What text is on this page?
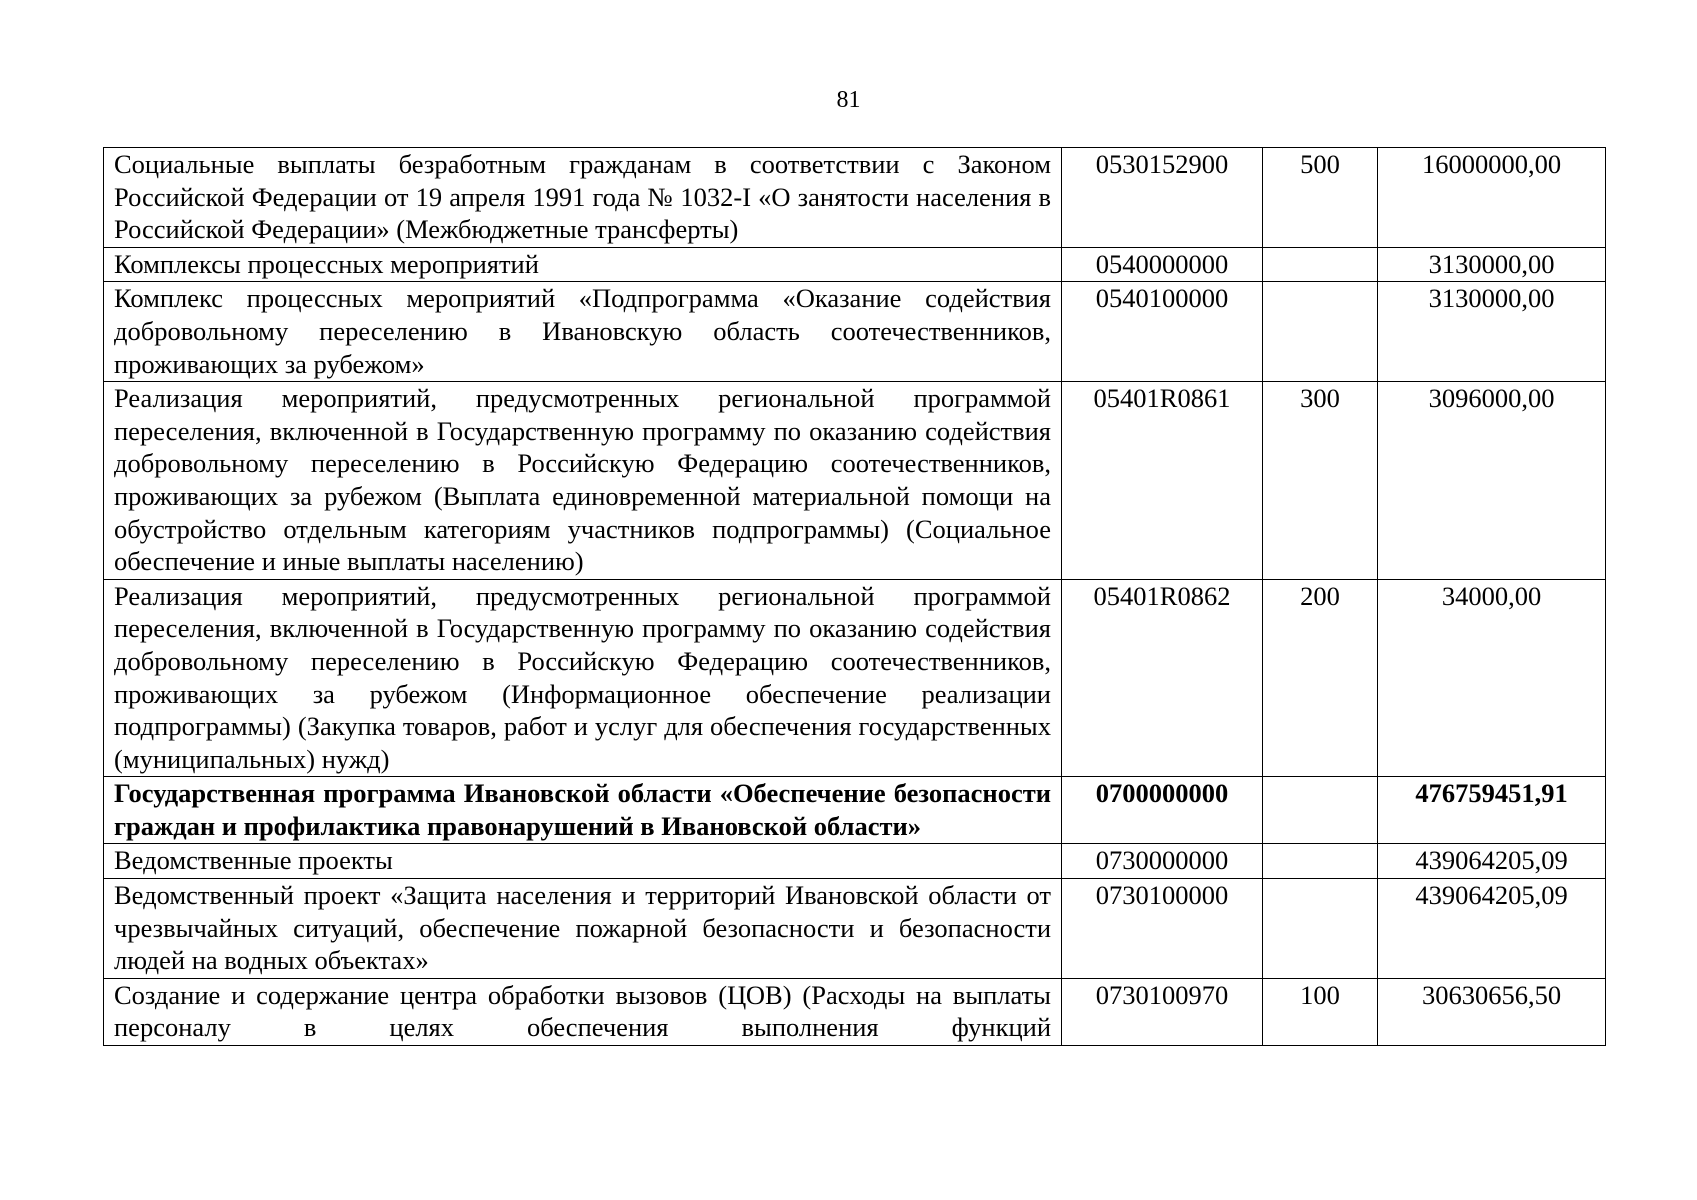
81
Социальные выплаты безработным гражданам в соответствии с Законом Российской Федерации от 19 апреля 1991 года № 1032-I «О занятости населения в Российской Федерации» (Межбюджетные трансферты)	0530152900	500	16000000,00
Комплексы процессных мероприятий	0540000000		3130000,00
Комплекс процессных мероприятий «Подпрограмма «Оказание содействия добровольному переселению в Ивановскую область соотечественников, проживающих за рубежом»	0540100000		3130000,00
Реализация мероприятий, предусмотренных региональной программой переселения, включенной в Государственную программу по оказанию содействия добровольному переселению в Российскую Федерацию соотечественников, проживающих за рубежом (Выплата единовременной материальной помощи на обустройство отдельным категориям участников подпрограммы) (Социальное обеспечение и иные выплаты населению)	05401R0861	300	3096000,00
Реализация мероприятий, предусмотренных региональной программой переселения, включенной в Государственную программу по оказанию содействия добровольному переселению в Российскую Федерацию соотечественников, проживающих за рубежом (Информационное обеспечение реализации подпрограммы) (Закупка товаров, работ и услуг для обеспечения государственных (муниципальных) нужд)	05401R0862	200	34000,00
Государственная программа Ивановской области «Обеспечение безопасности граждан и профилактика правонарушений в Ивановской области»	0700000000		476759451,91
Ведомственные проекты	0730000000		439064205,09
Ведомственный проект «Защита населения и территорий Ивановской области от чрезвычайных ситуаций, обеспечение пожарной безопасности и безопасности людей на водных объектах»	0730100000		439064205,09
Создание и содержание центра обработки вызовов (ЦОВ) (Расходы на выплаты персоналу в целях обеспечения выполнения функций	0730100970	100	30630656,50
